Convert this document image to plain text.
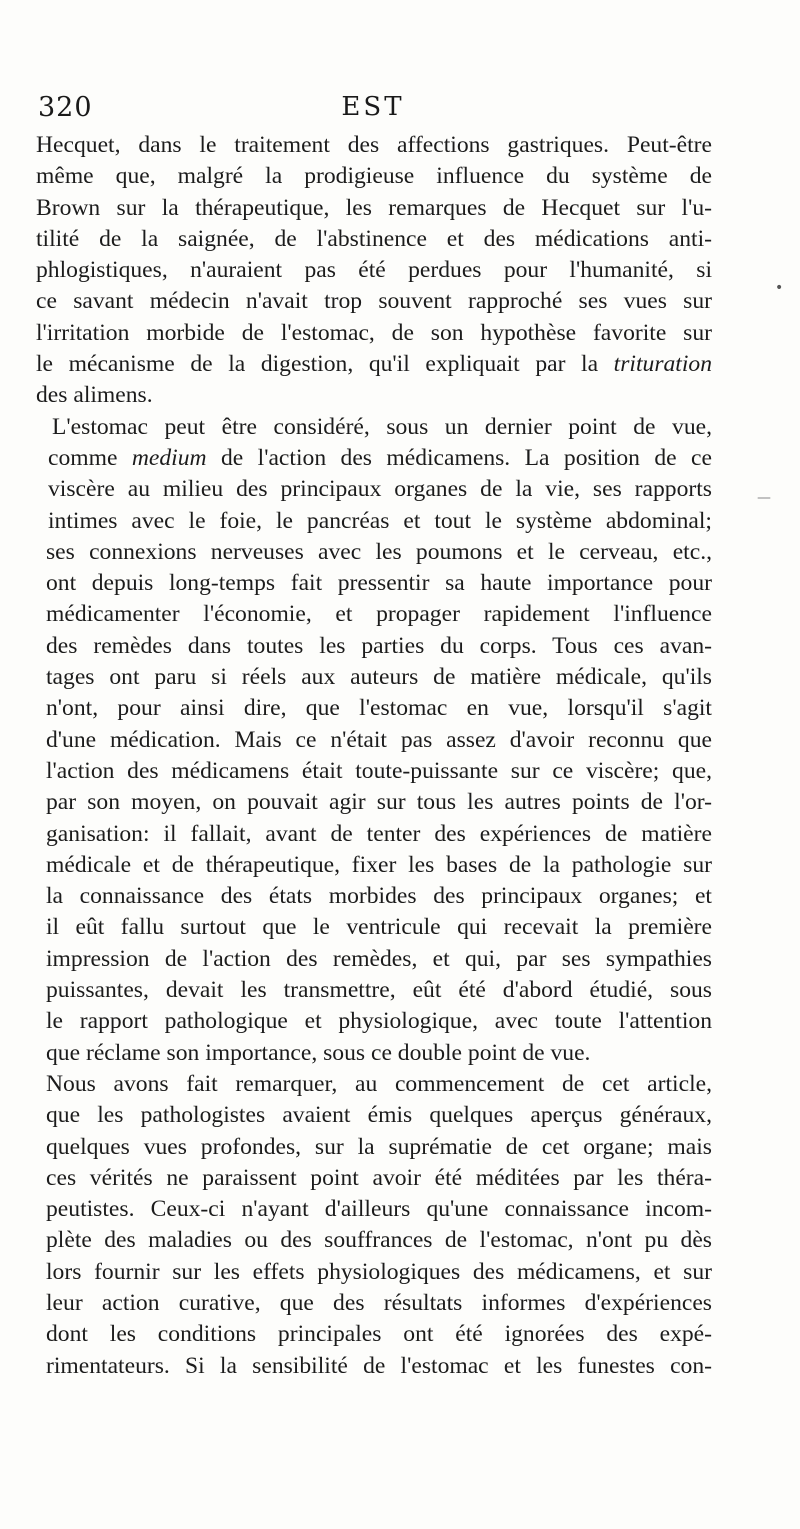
320	EST
Hecquet, dans le traitement des affections gastriques. Peut-être
même que, malgré la prodigieuse influence du système de
Brown sur la thérapeutique, les remarques de Hecquet sur l'u-
tilité de la saignée, de l'abstinence et des médications anti-
phlogistiques, n'auraient pas été perdues pour l'humanité, si
ce savant médecin n'avait trop souvent rapproché ses vues sur
l'irritation morbide de l'estomac, de son hypothèse favorite sur
le mécanisme de la digestion, qu'il expliquait par la trituration
des alimens.
L'estomac peut être considéré, sous un dernier point de vue,
comme medium de l'action des médicamens. La position de ce
viscère au milieu des principaux organes de la vie, ses rapports
intimes avec le foie, le pancréas et tout le système abdominal;
ses connexions nerveuses avec les poumons et le cerveau, etc.,
ont depuis long-temps fait pressentir sa haute importance pour
médicamenter l'économie, et propager rapidement l'influence
des remèdes dans toutes les parties du corps. Tous ces avan-
tages ont paru si réels aux auteurs de matière médicale, qu'ils
n'ont, pour ainsi dire, que l'estomac en vue, lorsqu'il s'agit
d'une médication. Mais ce n'était pas assez d'avoir reconnu que
l'action des médicamens était toute-puissante sur ce viscère; que,
par son moyen, on pouvait agir sur tous les autres points de l'or-
ganisation: il fallait, avant de tenter des expériences de matière
médicale et de thérapeutique, fixer les bases de la pathologie sur
la connaissance des états morbides des principaux organes; et
il eût fallu surtout que le ventricule qui recevait la première
impression de l'action des remèdes, et qui, par ses sympathies
puissantes, devait les transmettre, eût été d'abord étudié, sous
le rapport pathologique et physiologique, avec toute l'attention
que réclame son importance, sous ce double point de vue.
Nous avons fait remarquer, au commencement de cet article,
que les pathologistes avaient émis quelques aperçus généraux,
quelques vues profondes, sur la suprématie de cet organe; mais
ces vérités ne paraissent point avoir été méditées par les théra-
peutistes. Ceux-ci n'ayant d'ailleurs qu'une connaissance incom-
plète des maladies ou des souffrances de l'estomac, n'ont pu dès
lors fournir sur les effets physiologiques des médicamens, et sur
leur action curative, que des résultats informes d'expériences
dont les conditions principales ont été ignorées des expé-
rimentateurs. Si la sensibilité de l'estomac et les funestes con-
•
—
